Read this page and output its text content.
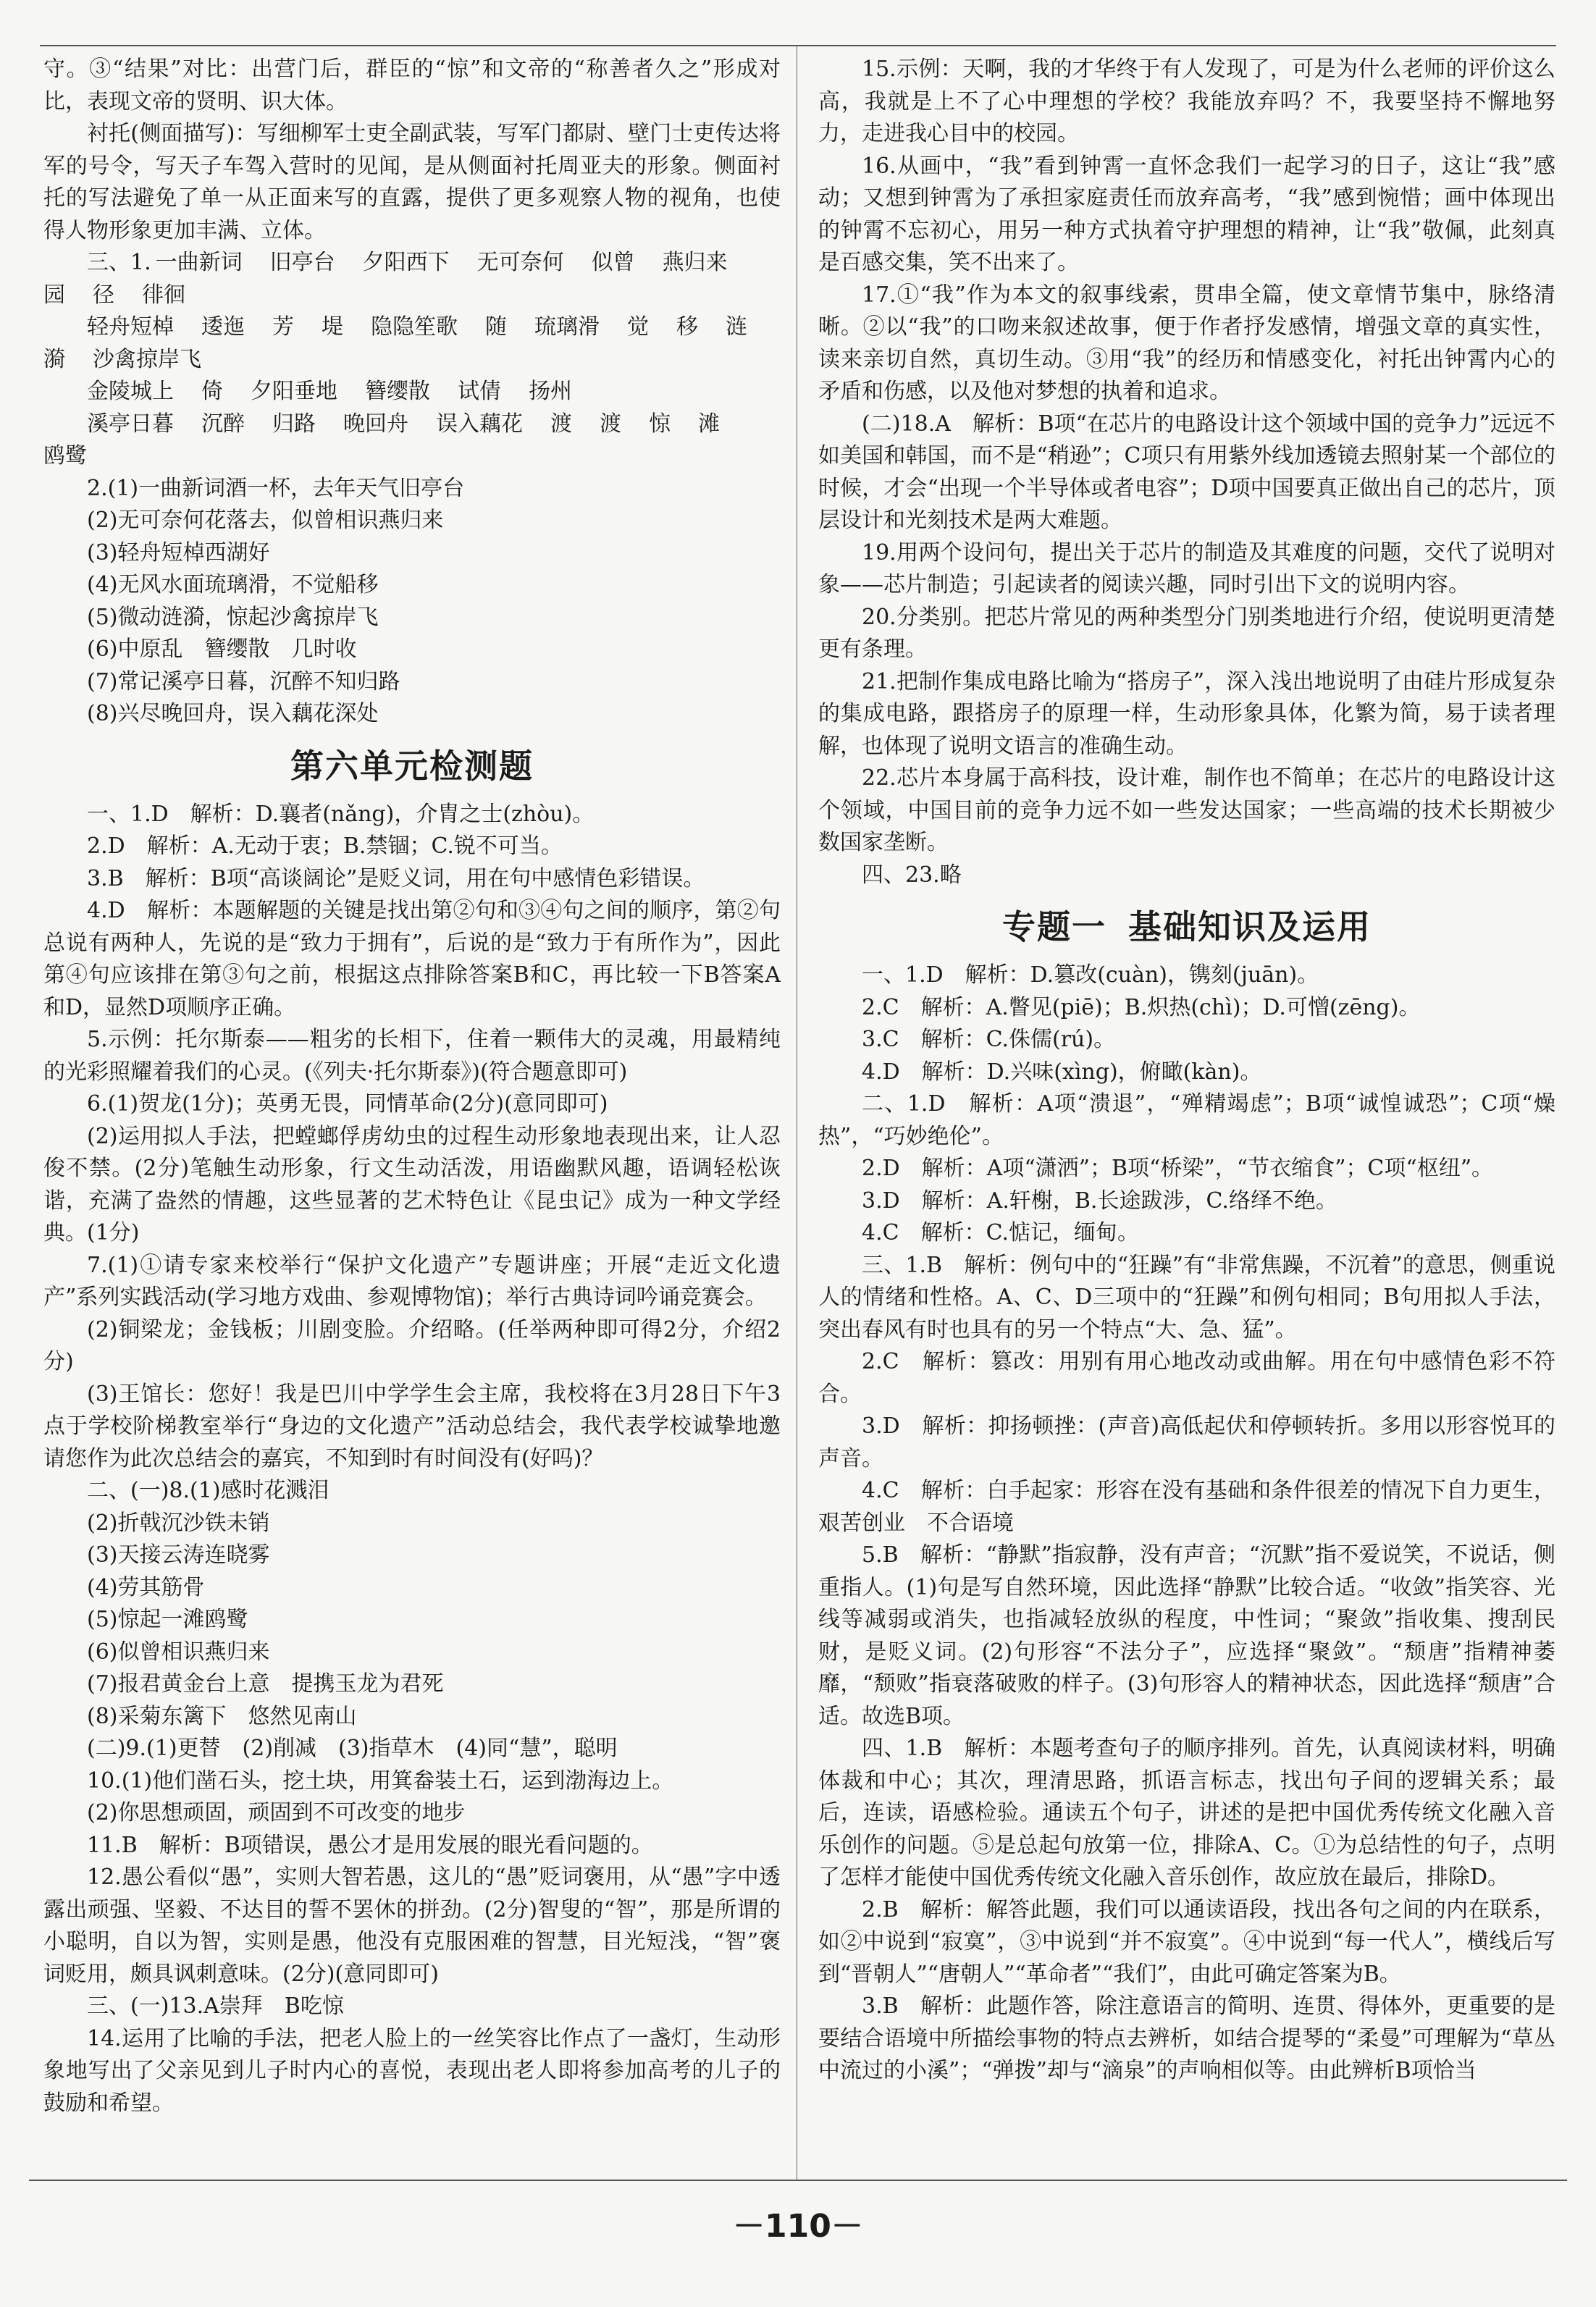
守。③“结果”对比：出营门后，群臣的“惊”和文帝的“称善者久之”形成对比，表现文帝的贤明、识大体。

衬托(侧面描写)：写细柳军士吏全副武装，写军门都尉、壁门士吏传达将军的号令，写天子车驾入营时的见闻，是从侧面衬托周亚夫的形象。侧面衬托的写法避免了单一从正面来写的直露，提供了更多观察人物的视角，也使得人物形象更加丰满、立体。

三、1. 一曲新词 旧亭台 夕阳西下 无可奈何 似曾 燕归来
园 径 徘徊
轻舟短棹 逶迤 芳 堤 隐隐笙歌 随 琉璃滑 觉 移 涟
漪 沙禽掠岸飞
金陵城上 倚 夕阳垂地 簪缨散 试倩 扬州
溪亭日暮 沉醉 归路 晚回舟 误入藕花 渡 渡 惊 滩
鸥鹭

2.(1)一曲新词酒一杯，去年天气旧亭台

(2)无可奈何花落去，似曾相识燕归来

(3)轻舟短棹西湖好

(4)无风水面琉璃滑，不觉船移

(5)微动涟漪，惊起沙禽掠岸飞

(6)中原乱　簪缨散　几时收

(7)常记溪亭日暮，沉醉不知归路

(8)兴尽晚回舟，误入藕花深处

第六单元检测题

一、1.D　解析：D.襄者(nǎng)，介胄之士(zhòu)。

2.D　解析：A.无动于衷；B.禁锢；C.锐不可当。

3.B　解析：B项“高谈阔论”是贬义词，用在句中感情色彩错误。

4.D　解析：本题解题的关键是找出第②句和③④句之间的顺序，第②句总说有两种人，先说的是“致力于拥有”，后说的是“致力于有所作为”，因此第④句应该排在第③句之前，根据这点排除答案B和C，再比较一下B答案A和D，显然D项顺序正确。

5.示例：托尔斯泰——粗劣的长相下，住着一颗伟大的灵魂，用最精纯的光彩照耀着我们的心灵。(《列夫·托尔斯泰》)(符合题意即可)

6.(1)贺龙(1分)；英勇无畏，同情革命(2分)(意同即可)

(2)运用拟人手法，把螳螂俘虏幼虫的过程生动形象地表现出来，让人忍俊不禁。(2分)笔触生动形象，行文生动活泼，用语幽默风趣，语调轻松诙谐，充满了盎然的情趣，这些显著的艺术特色让《昆虫记》成为一种文学经典。(1分)

7.(1)①请专家来校举行“保护文化遗产”专题讲座；开展“走近文化遗产”系列实践活动(学习地方戏曲、参观博物馆)；举行古典诗词吟诵竞赛会。

(2)铜梁龙；金钱板；川剧变脸。介绍略。(任举两种即可得2分，介绍2分)

(3)王馆长：您好！我是巴川中学学生会主席，我校将在3月28日下午3点于学校阶梯教室举行“身边的文化遗产”活动总结会，我代表学校诚挚地邀请您作为此次总结会的嘉宾，不知到时有时间没有(好吗)？

二、(一)8.(1)感时花溅泪

(2)折戟沉沙铁未销

(3)天接云涛连晓雾

(4)劳其筋骨

(5)惊起一滩鸥鹭

(6)似曾相识燕归来

(7)报君黄金台上意　提携玉龙为君死

(8)采菊东篱下　悠然见南山

(二)9.(1)更替　(2)削减　(3)指草木　(4)同“慧”，聪明

10.(1)他们凿石头，挖土块，用箕畚装土石，运到渤海边上。

(2)你思想顽固，顽固到不可改变的地步

11.B　解析：B项错误，愚公才是用发展的眼光看问题的。

12.愚公看似“愚”，实则大智若愚，这儿的“愚”贬词褒用，从“愚”字中透露出顽强、坚毅、不达目的誓不罢休的拼劲。(2分)智叟的“智”，那是所谓的小聪明，自以为智，实则是愚，他没有克服困难的智慧，目光短浅，“智”褒词贬用，颇具讽刺意味。(2分)(意同即可)

三、(一)13.A崇拜　B吃惊

14.运用了比喻的手法，把老人脸上的一丝笑容比作点了一盏灯，生动形象地写出了父亲见到儿子时内心的喜悦，表现出老人即将参加高考的儿子的鼓励和希望。

15.示例：天啊，我的才华终于有人发现了，可是为什么老师的评价这么高，我就是上不了心中理想的学校？我能放弃吗？不，我要坚持不懈地努力，走进我心目中的校园。

16.从画中，“我”看到钟霄一直怀念我们一起学习的日子，这让“我”感动；又想到钟霄为了承担家庭责任而放弃高考，“我”感到惋惜；画中体现出的钟霄不忘初心，用另一种方式执着守护理想的精神，让“我”敬佩，此刻真是百感交集，笑不出来了。

17.①“我”作为本文的叙事线索，贯串全篇，使文章情节集中，脉络清晰。②以“我”的口吻来叙述故事，便于作者抒发感情，增强文章的真实性，读来亲切自然，真切生动。③用“我”的经历和情感变化，衬托出钟霄内心的矛盾和伤感，以及他对梦想的执着和追求。

(二)18.A　解析：B项“在芯片的电路设计这个领域中国的竞争力”远远不如美国和韩国，而不是“稍逊”；C项只有用紫外线加透镜去照射某一个部位的时候，才会“出现一个半导体或者电容”；D项中国要真正做出自己的芯片，顶层设计和光刻技术是两大难题。

19.用两个设问句，提出关于芯片的制造及其难度的问题，交代了说明对象——芯片制造；引起读者的阅读兴趣，同时引出下文的说明内容。

20.分类别。把芯片常见的两种类型分门别类地进行介绍，使说明更清楚更有条理。

21.把制作集成电路比喻为“搭房子”，深入浅出地说明了由硅片形成复杂的集成电路，跟搭房子的原理一样，生动形象具体，化繁为简，易于读者理解，也体现了说明文语言的准确生动。

22.芯片本身属于高科技，设计难，制作也不简单；在芯片的电路设计这个领域，中国目前的竞争力远不如一些发达国家；一些高端的技术长期被少数国家垄断。

四、23.略

专题一 基础知识及运用

一、1.D　解析：D.篡改(cuàn)，镌刻(juān)。

2.C　解析：A.瞥见(piē)；B.炽热(chì)；D.可憎(zēng)。

3.C　解析：C.侏儒(rú)。

4.D　解析：D.兴味(xìng)，俯瞰(kàn)。

二、1.D　解析：A项“溃退”，“殚精竭虑”；B项“诚惶诚恐”；C项“燥热”，“巧妙绝伦”。

2.D　解析：A项“潇洒”；B项“桥梁”，“节衣缩食”；C项“枢纽”。

3.D　解析：A.轩榭，B.长途跋涉，C.络绎不绝。

4.C　解析：C.惦记，缅甸。

三、1.B　解析：例句中的“狂躁”有“非常焦躁，不沉着”的意思，侧重说人的情绪和性格。A、C、D三项中的“狂躁”和例句相同；B句用拟人手法，突出春风有时也具有的另一个特点“大、急、猛”。

2.C　解析：篡改：用别有用心地改动或曲解。用在句中感情色彩不符合。

3.D　解析：抑扬顿挫：(声音)高低起伏和停顿转折。多用以形容悦耳的声音。

4.C　解析：白手起家：形容在没有基础和条件很差的情况下自力更生，艰苦创业　不合语境

5.B　解析：“静默”指寂静，没有声音；“沉默”指不爱说笑，不说话，侧重指人。(1)句是写自然环境，因此选择“静默”比较合适。“收敛”指笑容、光线等减弱或消失，也指减轻放纵的程度，中性词；“聚敛”指收集、搜刮民财，是贬义词。(2)句形容“不法分子”，应选择“聚敛”。“颓唐”指精神萎靡，“颓败”指衰落破败的样子。(3)句形容人的精神状态，因此选择“颓唐”合适。故选B项。

四、1.B　解析：本题考查句子的顺序排列。首先，认真阅读材料，明确体裁和中心；其次，理清思路，抓语言标志，找出句子间的逻辑关系；最后，连读，语感检验。通读五个句子，讲述的是把中国优秀传统文化融入音乐创作的问题。⑤是总起句放第一位，排除A、C。①为总结性的句子，点明了怎样才能使中国优秀传统文化融入音乐创作，故应放在最后，排除D。

2.B　解析：解答此题，我们可以通读语段，找出各句之间的内在联系，如②中说到“寂寞”，③中说到“并不寂寞”。④中说到“每一代人”，横线后写到“晋朝人”“唐朝人”“革命者”“我们”，由此可确定答案为B。

3.B　解析：此题作答，除注意语言的简明、连贯、得体外，更重要的是要结合语境中所描绘事物的特点去辨析，如结合提琴的“柔曼”可理解为“草丛中流过的小溪”；“弹拨”却与“滴泉”的声响相似等。由此辨析B项恰当

－110－
